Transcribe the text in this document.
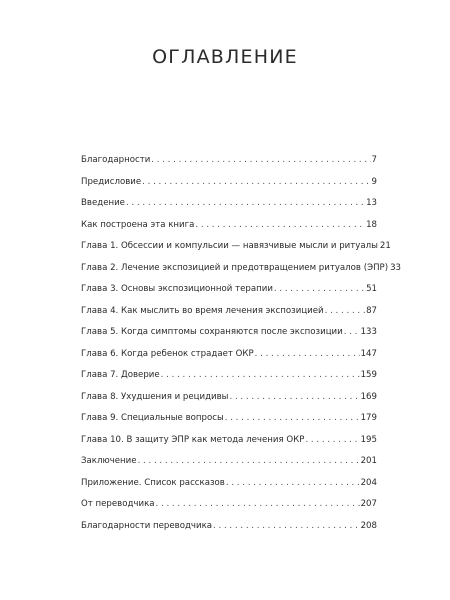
ОГЛАВЛЕНИЕ
Благодарности . . .	7
Предисловие . . .	9
Введение . . .	13
Как построена эта книга . . .	18
Глава 1. Обсессии и компульсии — навязчивые мысли и ритуалы 21
Глава 2. Лечение экспозицией и предотвращением ритуалов (ЭПР) 33
Глава 3. Основы экспозиционной терапии . . .	51
Глава 4. Как мыслить во время лечения экспозицией . . .	87
Глава 5. Когда симптомы сохраняются после экспозиции . . . 133
Глава 6. Когда ребенок страдает ОКР . . .	147
Глава 7. Доверие . . .	159
Глава 8. Ухудшения и рецидивы . . .	169
Глава 9. Специальные вопросы . . .	179
Глава 10. В защиту ЭПР как метода лечения ОКР . . .	195
Заключение . . .	201
Приложение. Список рассказов . . .	204
От переводчика . . .	207
Благодарности переводчика . . .	208
